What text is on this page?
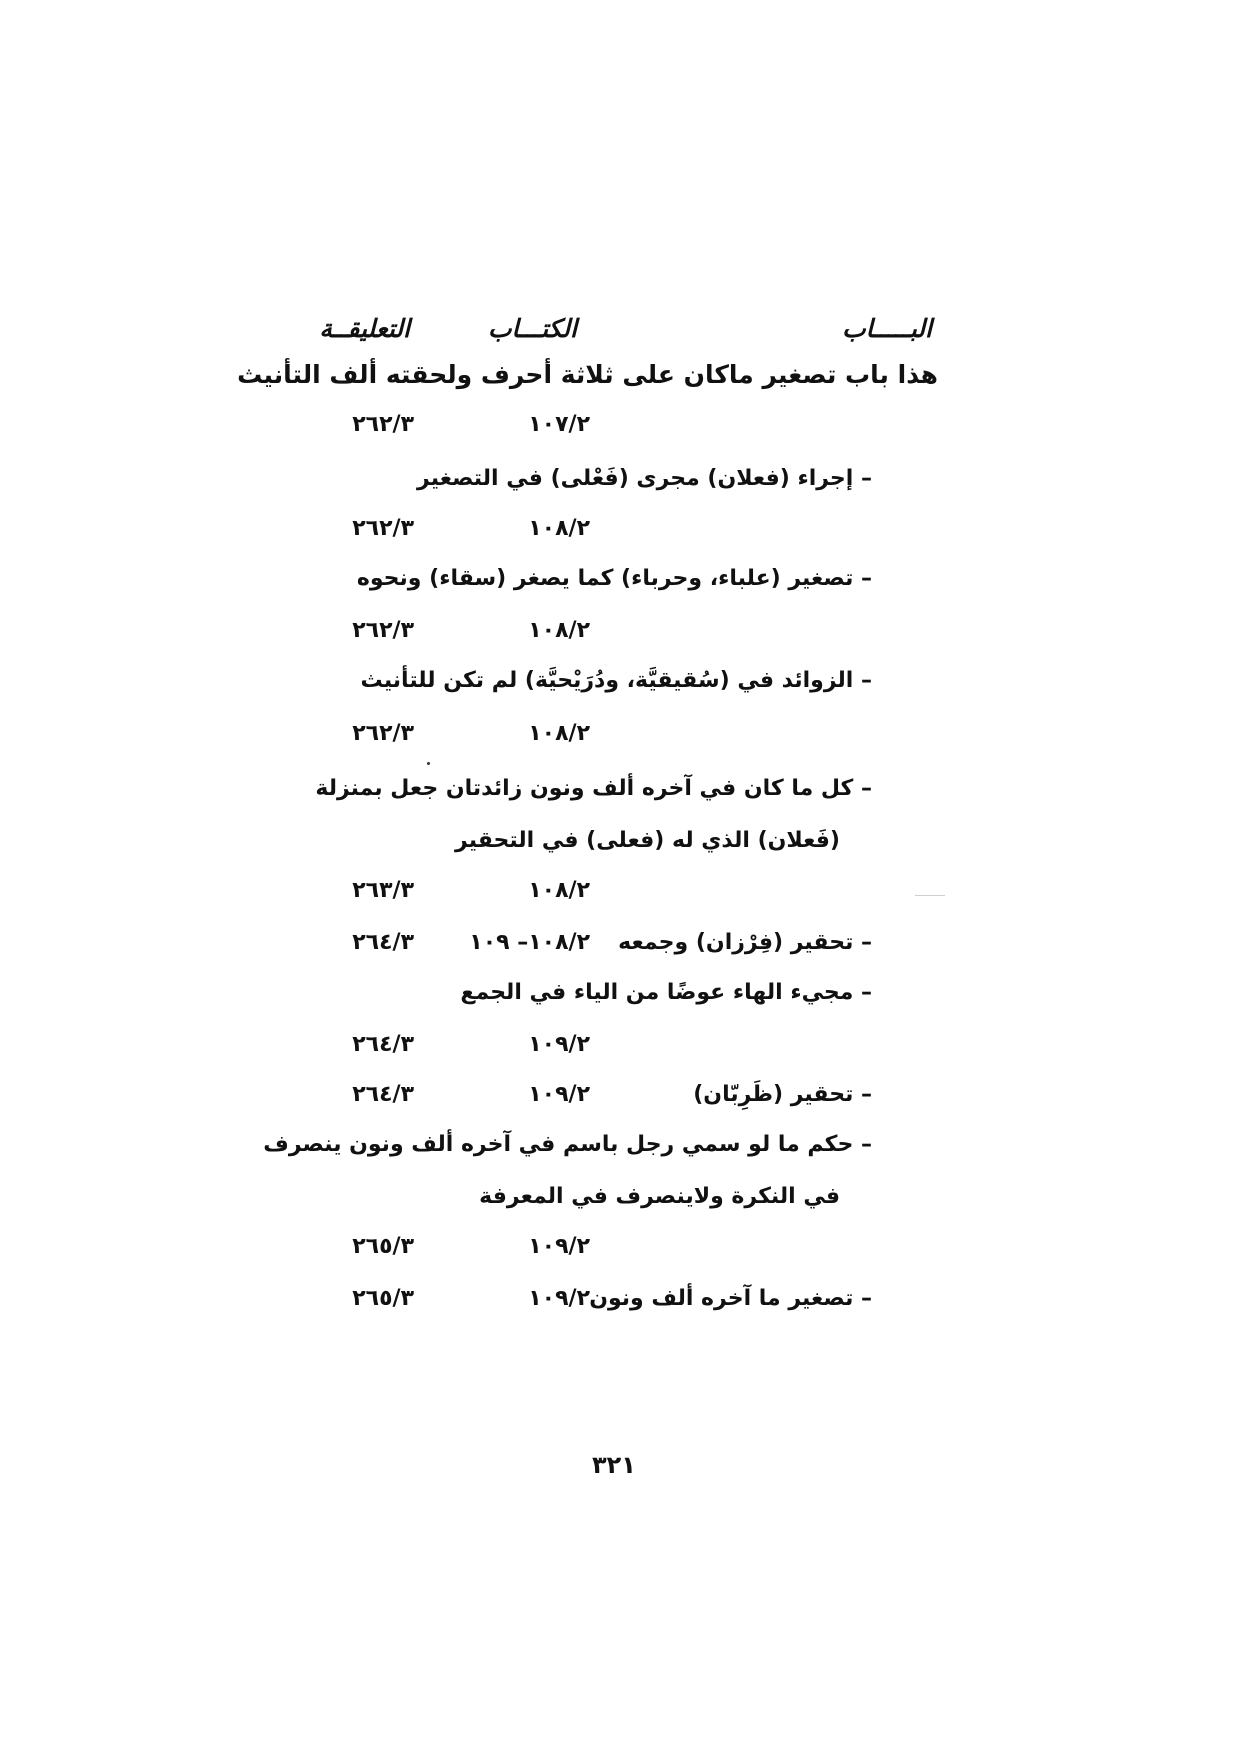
البـــــاب
الكتـــاب
التعليقــة
هذا باب تصغير ماكان على ثلاثة أحرف ولحقته ألف التأنيث
١٠٧/٢
٢٦٢/٣
– إجراء (فعلان) مجرى (فَعْلى) في التصغير
١٠٨/٢
٢٦٢/٣
– تصغير (علباء، وحرباء) كما يصغر (سقاء) ونحوه
١٠٨/٢
٢٦٢/٣
– الزوائد في (سُقيقيَّة، ودُرَيْحيَّة) لم تكن للتأنيث
١٠٨/٢
٢٦٢/٣
– كل ما كان في آخره ألف ونون زائدتان جعل بمنزلة
(فَعلان) الذي له (فعلى) في التحقير
١٠٨/٢
٢٦٣/٣
– تحقير (فِرْزان) وجمعه
١٠٨/٢– ١٠٩
٢٦٤/٣
– مجيء الهاء عوضًا من الياء في الجمع
١٠٩/٢
٢٦٤/٣
– تحقير (ظَرِبّان)
١٠٩/٢
٢٦٤/٣
– حكم ما لو سمي رجل باسم في آخره ألف ونون ينصرف
في النكرة ولاينصرف في المعرفة
١٠٩/٢
٢٦٥/٣
– تصغير ما آخره ألف ونون
١٠٩/٢
٢٦٥/٣
٣٢١
